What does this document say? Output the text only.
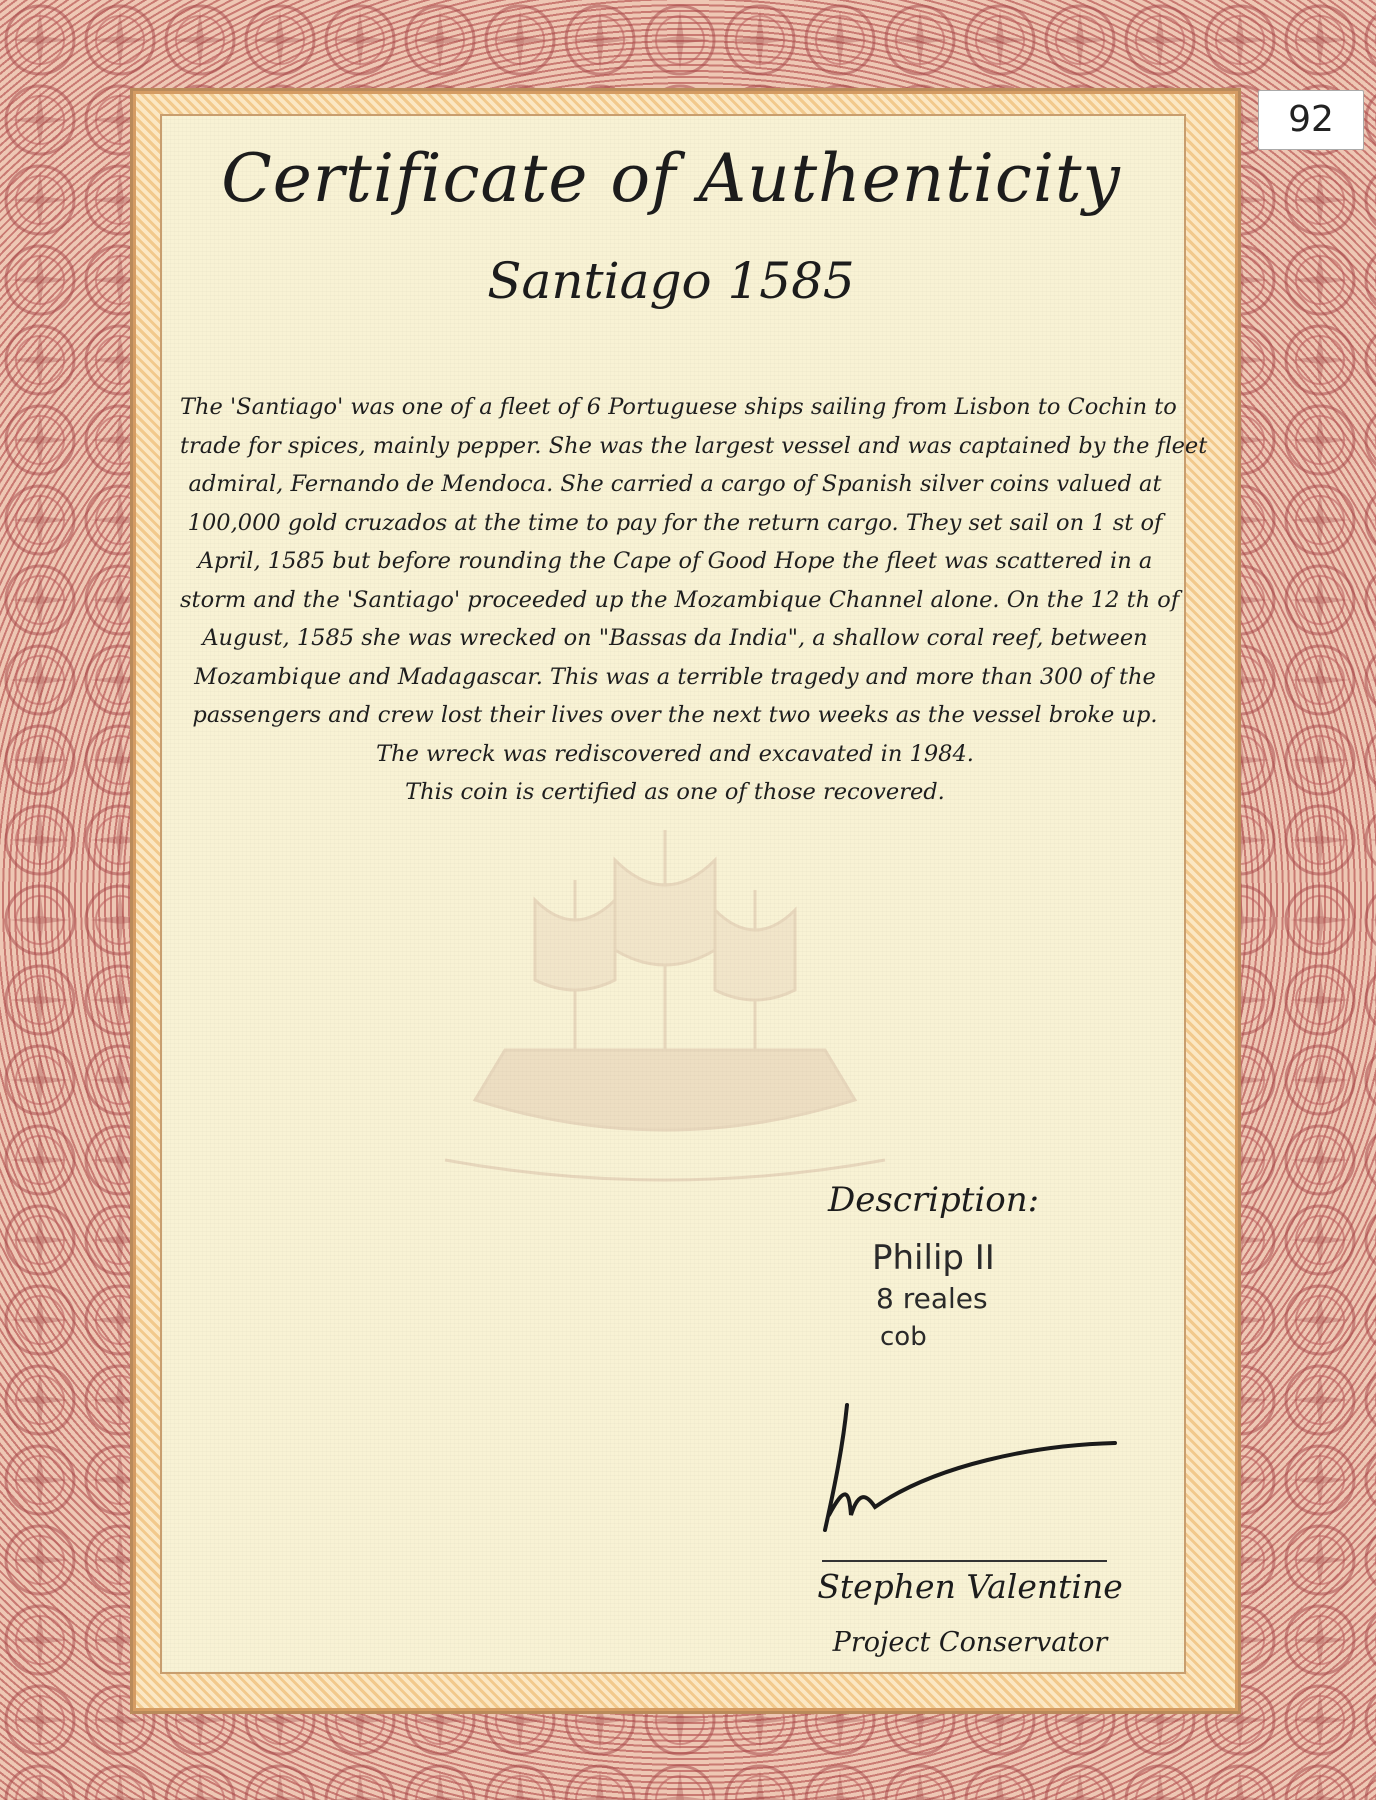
Certificate of Authenticity
Santiago 1585
The 'Santiago' was one of a fleet of 6 Portuguese ships sailing from Lisbon to Cochin to
trade for spices, mainly pepper. She was the largest vessel and was captained by the fleet
admiral, Fernando de Mendoca. She carried a cargo of Spanish silver coins valued at
100,000 gold cruzados at the time to pay for the return cargo. They set sail on 1 st of
April, 1585 but before rounding the Cape of Good Hope the fleet was scattered in a
storm and the 'Santiago' proceeded up the Mozambique Channel alone. On the 12 th of
August, 1585 she was wrecked on "Bassas da India", a shallow coral reef, between
Mozambique and Madagascar. This was a terrible tragedy and more than 300 of the
passengers and crew lost their lives over the next two weeks as the vessel broke up.
The wreck was rediscovered and excavated in 1984.
This coin is certified as one of those recovered.
Description:
Philip II
8 reales
cob
Stephen Valentine
Project Conservator
92
